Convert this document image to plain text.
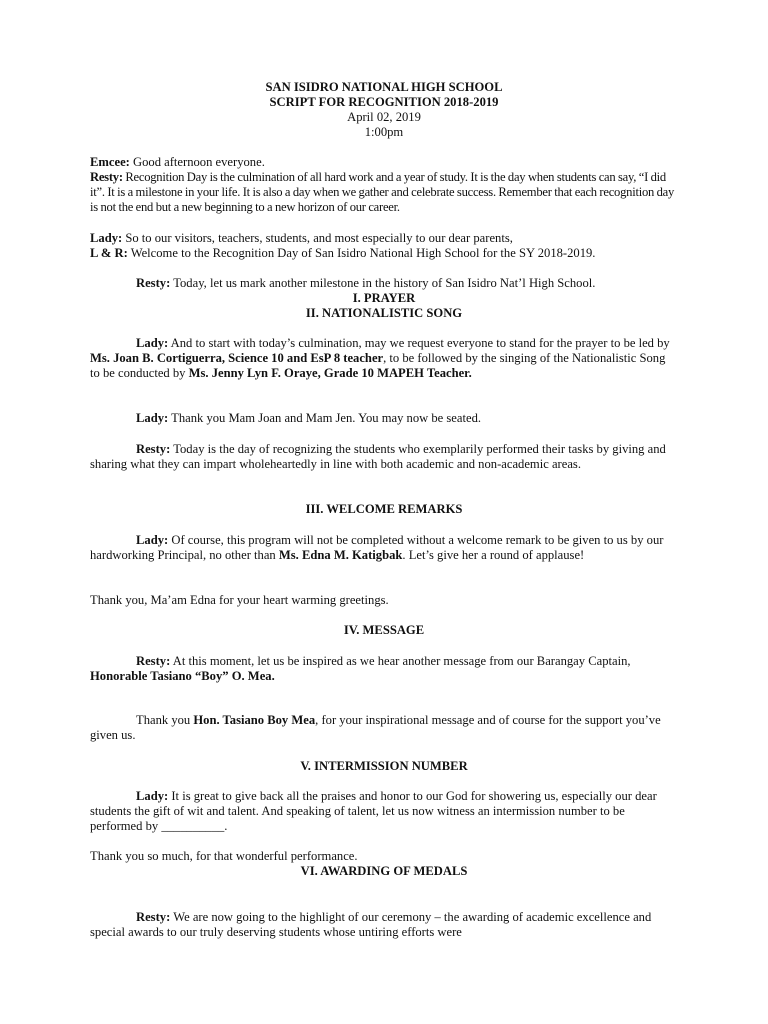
SAN ISIDRO NATIONAL HIGH SCHOOL
SCRIPT FOR RECOGNITION 2018-2019
April 02, 2019
1:00pm

Emcee: Good afternoon everyone.

Resty: Recognition Day is the culmination of all hard work and a year of study. It is the day when students can say, “I did it”. It is a milestone in your life. It is also a day when we gather and celebrate success. Remember that each recognition day is not the end but a new beginning to a new horizon of our career.

Lady: So to our visitors, teachers, students, and most especially to our dear parents,

L & R: Welcome to the Recognition Day of San Isidro National High School for the SY 2018-2019.

Resty: Today, let us mark another milestone in the history of San Isidro Nat’l High School.

I. PRAYER
II. NATIONALISTIC SONG

Lady: And to start with today’s culmination, may we request everyone to stand for the prayer to be led by Ms. Joan B. Cortiguerra, Science 10 and EsP 8 teacher, to be followed by the singing of the Nationalistic Song to be conducted by Ms. Jenny Lyn F. Oraye, Grade 10 MAPEH Teacher.

Lady: Thank you Mam Joan and Mam Jen. You may now be seated.

Resty: Today is the day of recognizing the students who exemplarily performed their tasks by giving and sharing what they can impart wholeheartedly in line with both academic and non-academic areas.

III. WELCOME REMARKS

Lady: Of course, this program will not be completed without a welcome remark to be given to us by our hardworking Principal, no other than Ms. Edna M. Katigbak. Let’s give her a round of applause!

Thank you, Ma’am Edna for your heart warming greetings.

IV. MESSAGE

Resty: At this moment, let us be inspired as we hear another message from our Barangay Captain, Honorable Tasiano “Boy” O. Mea.

Thank you Hon. Tasiano Boy Mea, for your inspirational message and of course for the support you’ve given us.

V. INTERMISSION NUMBER

Lady: It is great to give back all the praises and honor to our God for showering us, especially our dear students the gift of wit and talent. And speaking of talent, let us now witness an intermission number to be performed by __________.

Thank you so much, for that wonderful performance.

VI. AWARDING OF MEDALS

Resty: We are now going to the highlight of our ceremony – the awarding of academic excellence and special awards to our truly deserving students whose untiring efforts were
